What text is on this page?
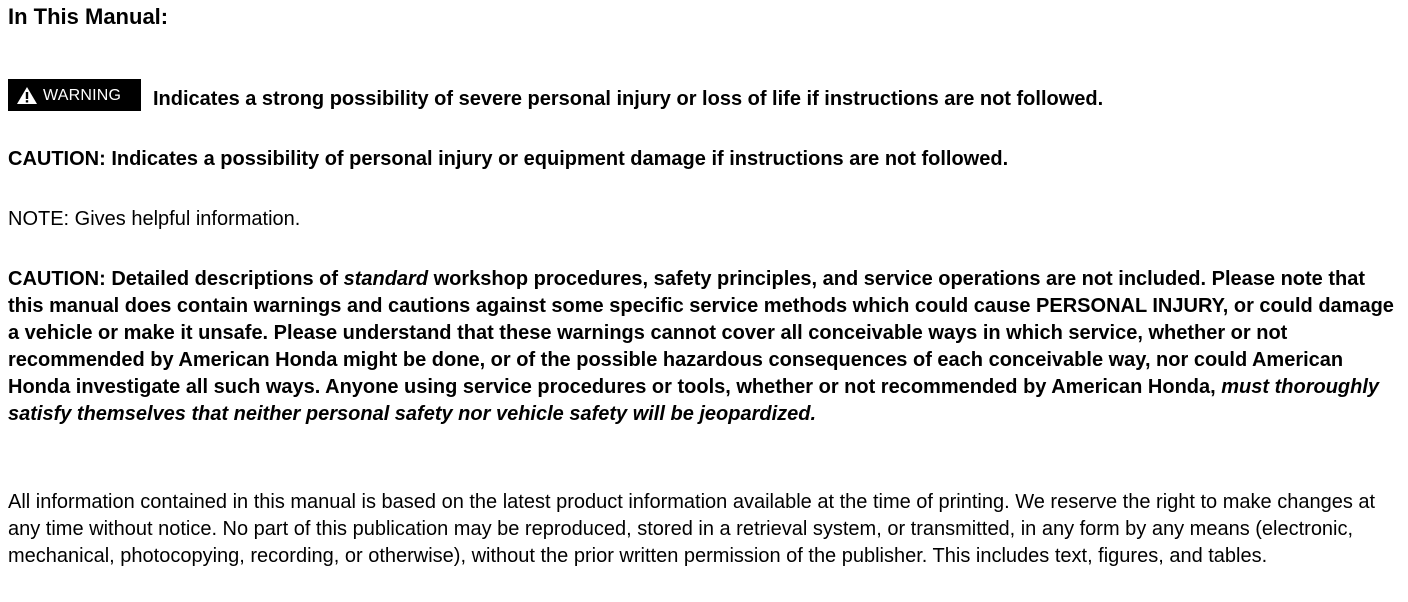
In This Manual:
WARNING Indicates a strong possibility of severe personal injury or loss of life if instructions are not followed.
CAUTION: Indicates a possibility of personal injury or equipment damage if instructions are not followed.
NOTE: Gives helpful information.
CAUTION: Detailed descriptions of standard workshop procedures, safety principles, and service operations are not included. Please note that this manual does contain warnings and cautions against some specific service methods which could cause PERSONAL INJURY, or could damage a vehicle or make it unsafe. Please understand that these warnings cannot cover all conceivable ways in which service, whether or not recommended by American Honda might be done, or of the possible hazardous consequences of each conceivable way, nor could American Honda investigate all such ways. Anyone using service procedures or tools, whether or not recommended by American Honda, must thoroughly satisfy themselves that neither personal safety nor vehicle safety will be jeopardized.
All information contained in this manual is based on the latest product information available at the time of printing. We reserve the right to make changes at any time without notice. No part of this publication may be reproduced, stored in a retrieval system, or transmitted, in any form by any means (electronic, mechanical, photocopying, recording, or otherwise), without the prior written permission of the publisher. This includes text, figures, and tables.
